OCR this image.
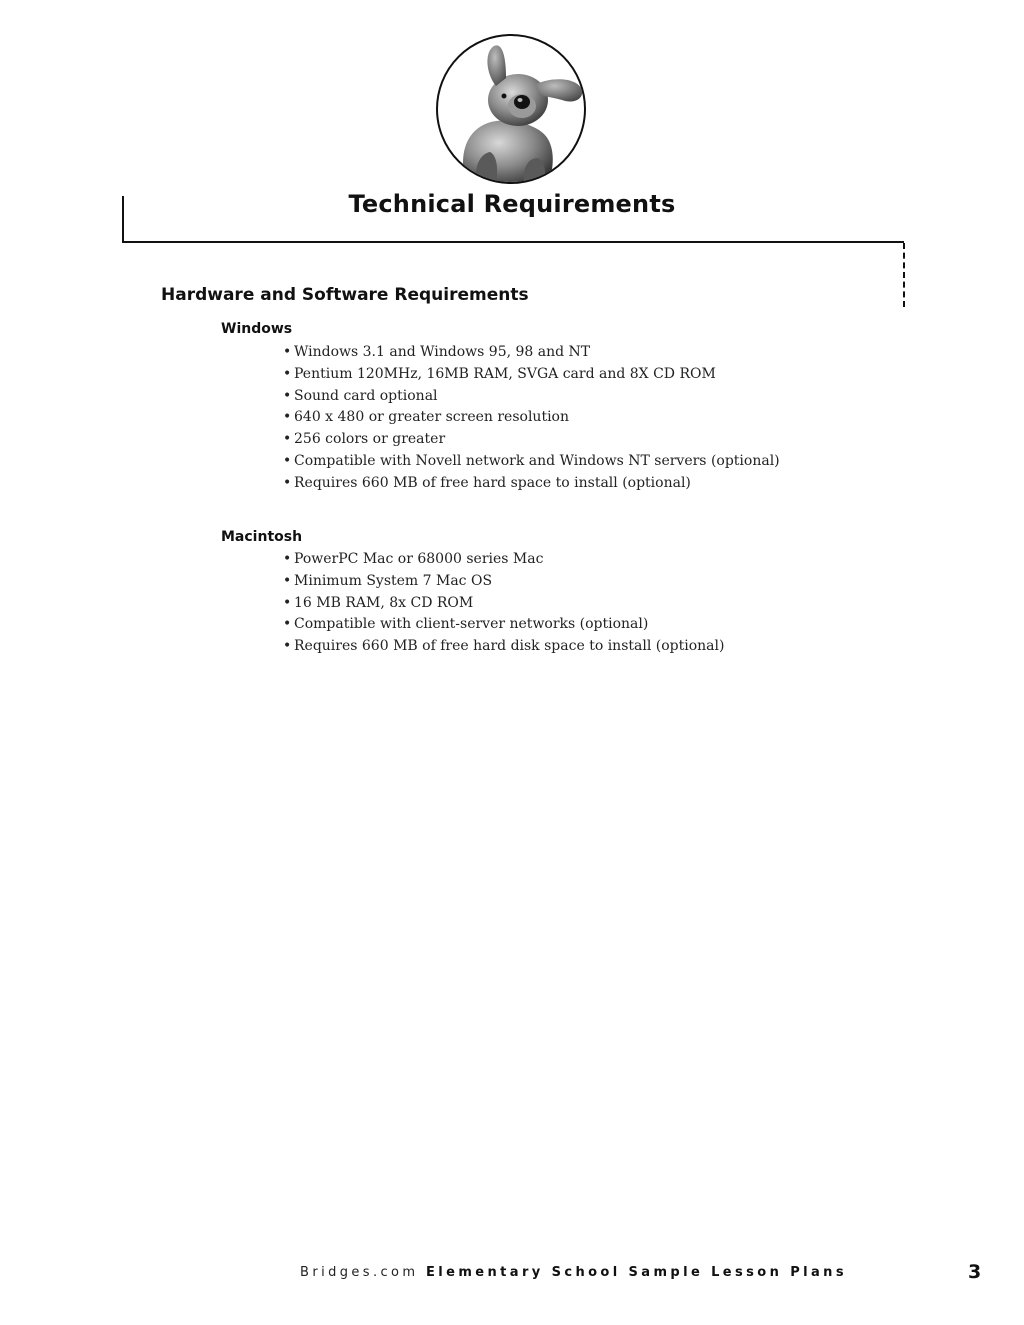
Technical Requirements
Hardware and Software Requirements
Windows
• Windows 3.1 and Windows 95, 98 and NT
• Pentium 120MHz, 16MB RAM, SVGA card and 8X CD ROM
• Sound card optional
• 640 x 480 or greater screen resolution
• 256 colors or greater
• Compatible with Novell network and Windows NT servers (optional)
• Requires 660 MB of free hard space to install (optional)
Macintosh
• PowerPC Mac or 68000 series Mac
• Minimum System 7 Mac OS
• 16 MB RAM, 8x CD ROM
• Compatible with client-server networks (optional)
• Requires 660 MB of free hard disk space to install (optional)
Bridges.com Elementary School Sample Lesson Plans	3
